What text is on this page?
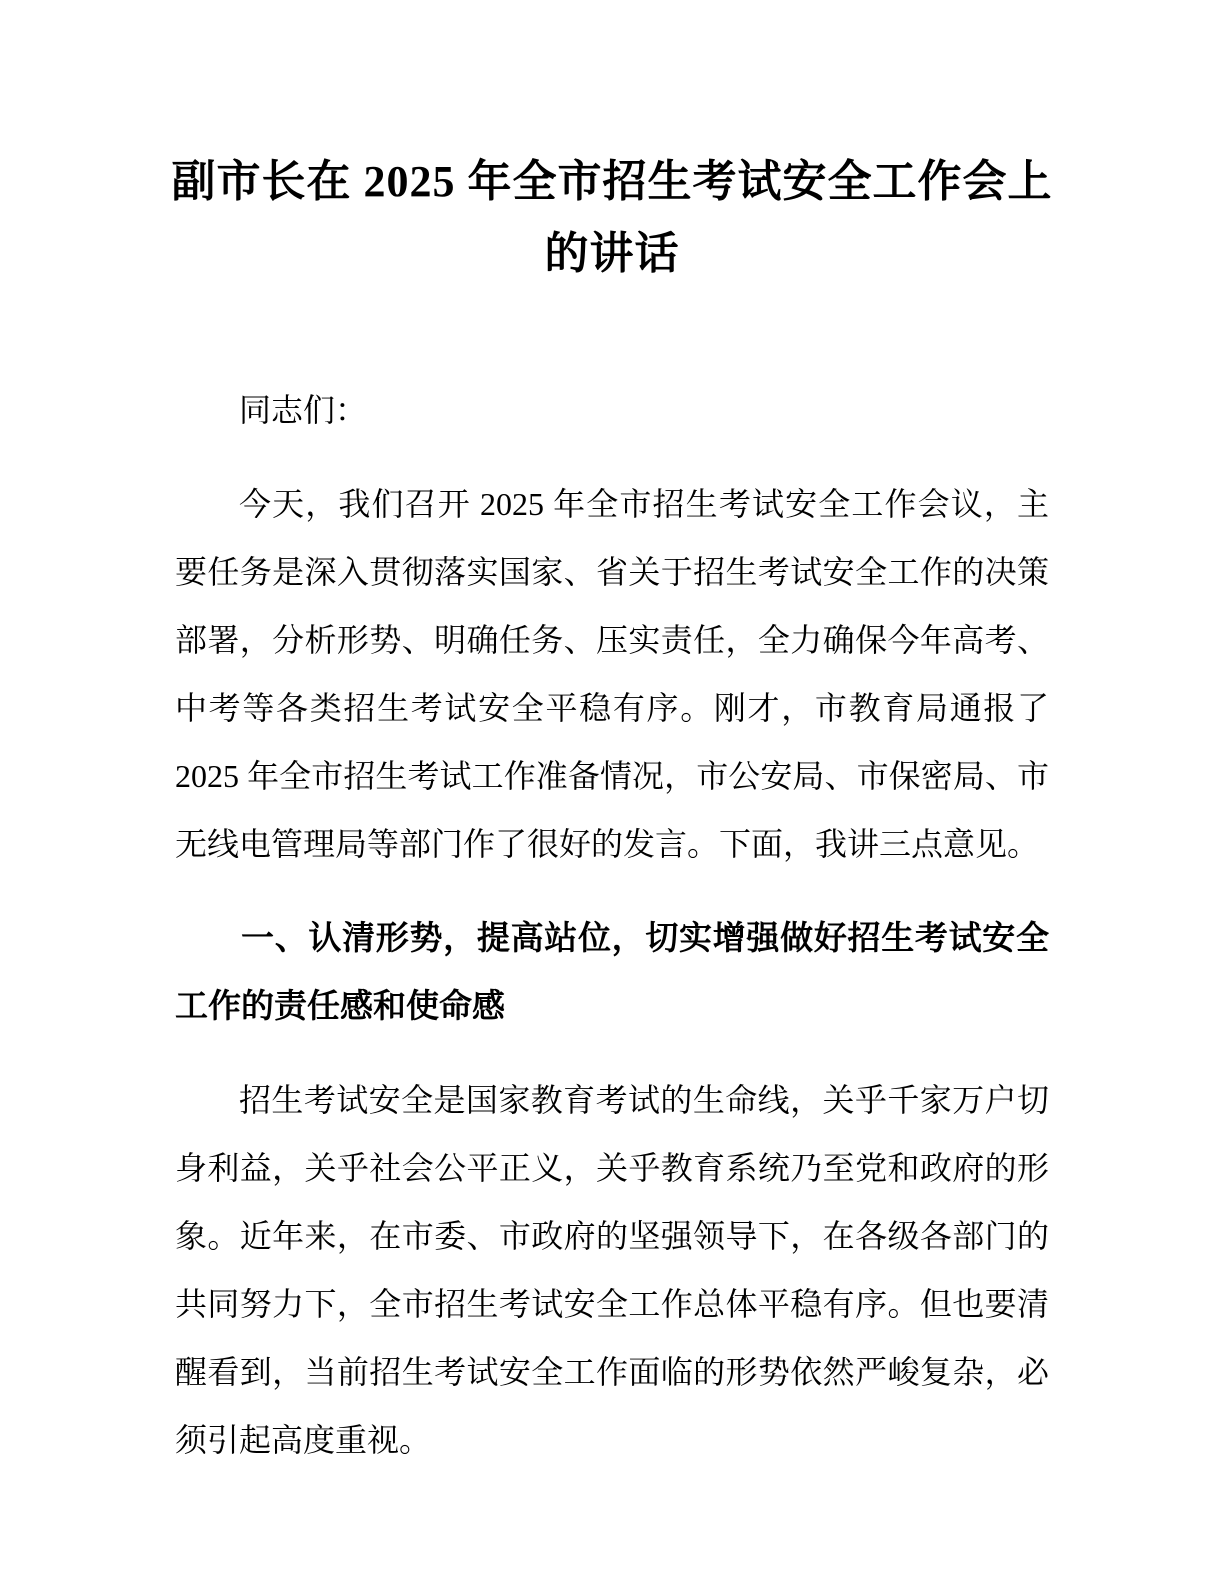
副市长在 2025 年全市招生考试安全工作会上的讲话

同志们：

今天，我们召开 2025 年全市招生考试安全工作会议，主要任务是深入贯彻落实国家、省关于招生考试安全工作的决策部署，分析形势、明确任务、压实责任，全力确保今年高考、中考等各类招生考试安全平稳有序。刚才，市教育局通报了 2025 年全市招生考试工作准备情况，市公安局、市保密局、市无线电管理局等部门作了很好的发言。下面，我讲三点意见。

一、认清形势，提高站位，切实增强做好招生考试安全工作的责任感和使命感

招生考试安全是国家教育考试的生命线，关乎千家万户切身利益，关乎社会公平正义，关乎教育系统乃至党和政府的形象。近年来，在市委、市政府的坚强领导下，在各级各部门的共同努力下，全市招生考试安全工作总体平稳有序。但也要清醒看到，当前招生考试安全工作面临的形势依然严峻复杂，必须引起高度重视。
